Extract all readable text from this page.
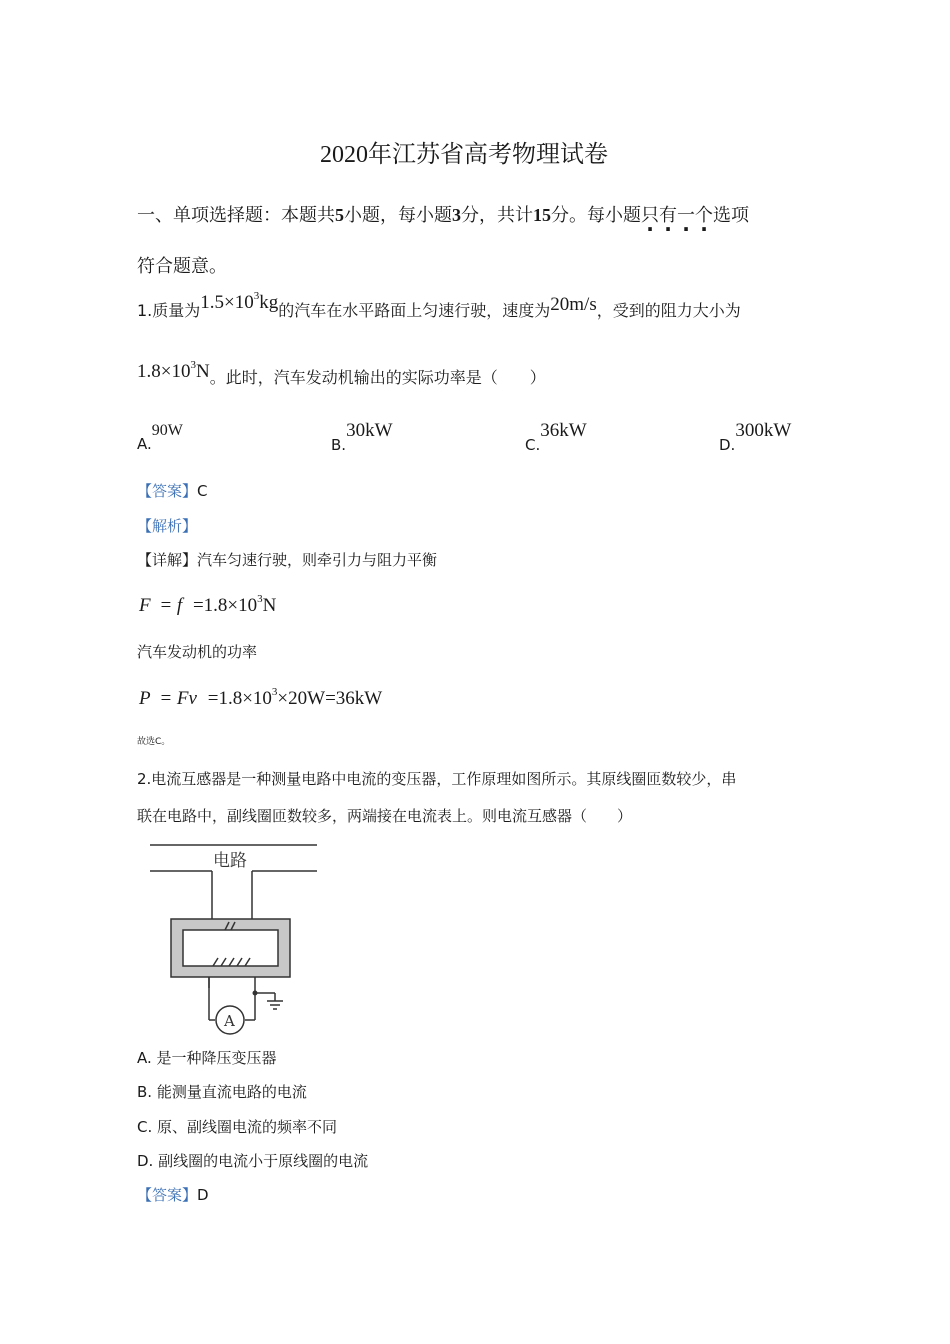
2020年江苏省高考物理试卷
一、单项选择题：本题共5小题，每小题3分，共计15分。每小题只有一个选项
符合题意。
1.质量为$1.5\times 10^3kg$的汽车在水平路面上匀速行驶，速度为20m/s，受到的阻力大小为
$1.8\times 10^3N$。此时，汽车发动机输出的实际功率是（　　）
A.90W
B.30kW
C.36kW
D.300kW
【答案】C
【解析】
【详解】汽车匀速行驶，则牵引力与阻力平衡
$F = f =1.8\times 10^3N$
汽车发动机的功率
$P = Fv =1.8\times 10^3\times 20W=36kW$
故选C。
2.电流互感器是一种测量电路中电流的变压器，工作原理如图所示。其原线圈匝数较少，串
联在电路中，副线圈匝数较多，两端接在电流表上。则电流互感器（　　）
电路
A
A. 是一种降压变压器
B. 能测量直流电路的电流
C. 原、副线圈电流的频率不同
D. 副线圈的电流小于原线圈的电流
【答案】D
